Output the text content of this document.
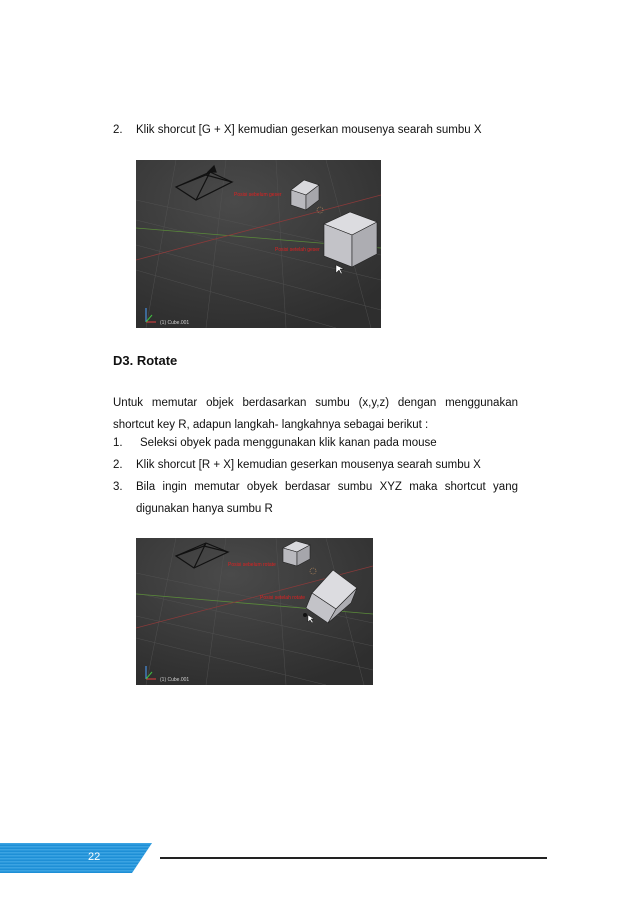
2. Klik shorcut [G + X] kemudian geserkan mousenya searah sumbu X
Posisi sebelum geser
Posisi setelah geser
(1) Cube.001
D3. Rotate
Untuk memutar objek berdasarkan sumbu (x,y,z) dengan menggunakan shortcut key R, adapun langkah- langkahnya sebagai berikut :
1. Seleksi obyek pada menggunakan klik kanan pada mouse
2. Klik shorcut [R + X] kemudian geserkan mousenya searah sumbu X
3. Bila ingin memutar obyek berdasar sumbu XYZ maka shortcut yang digunakan hanya sumbu R
Posisi sebelum rotate
Posisi setelah rotate
(1) Cube.001
22
